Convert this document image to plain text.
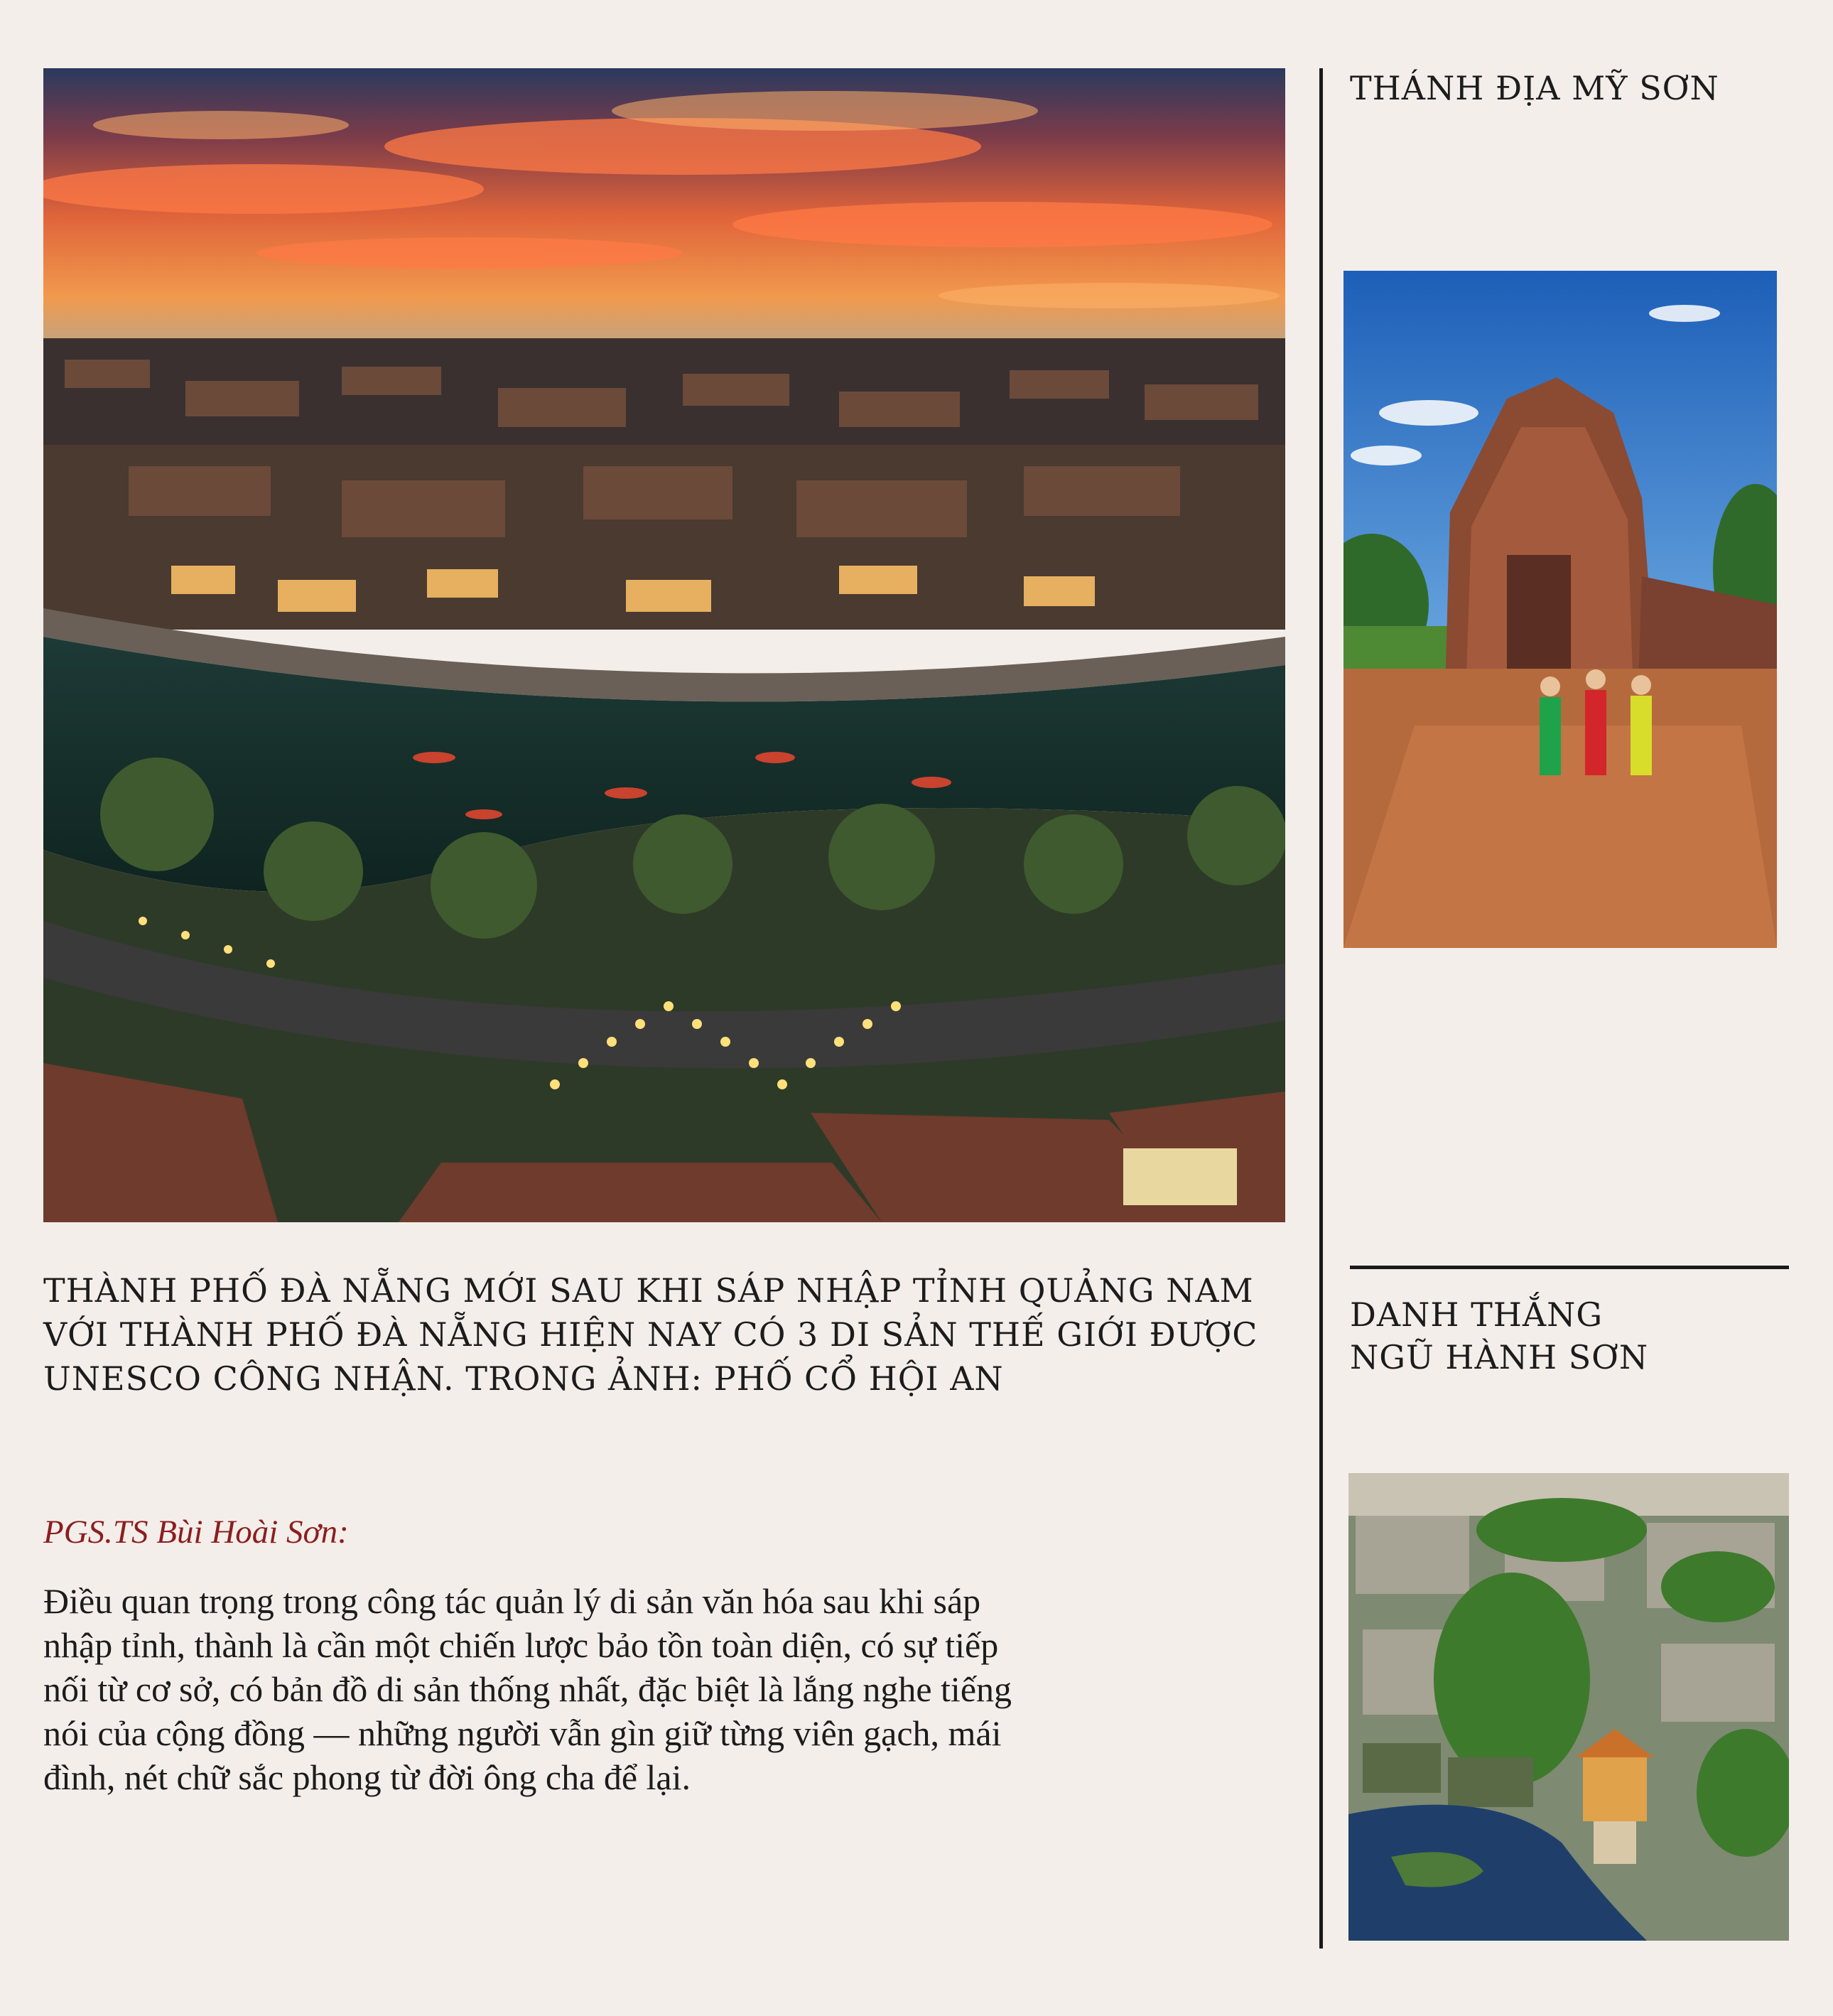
THÁNH ĐỊA MỸ SƠN
DANH THẮNG
NGŨ HÀNH SƠN

THÀNH PHỐ ĐÀ NẴNG MỚI SAU KHI SÁP NHẬP TỈNH QUẢNG NAM
VỚI THÀNH PHỐ ĐÀ NẴNG HIỆN NAY CÓ 3 DI SẢN THẾ GIỚI ĐƯỢC
UNESCO CÔNG NHẬN. TRONG ẢNH: PHỐ CỔ HỘI AN

PGS.TS Bùi Hoài Sơn:

Điều quan trọng trong công tác quản lý di sản văn hóa sau khi sáp
nhập tỉnh, thành là cần một chiến lược bảo tồn toàn diện, có sự tiếp
nối từ cơ sở, có bản đồ di sản thống nhất, đặc biệt là lắng nghe tiếng
nói của cộng đồng — những người vẫn gìn giữ từng viên gạch, mái
đình, nét chữ sắc phong từ đời ông cha để lại.
